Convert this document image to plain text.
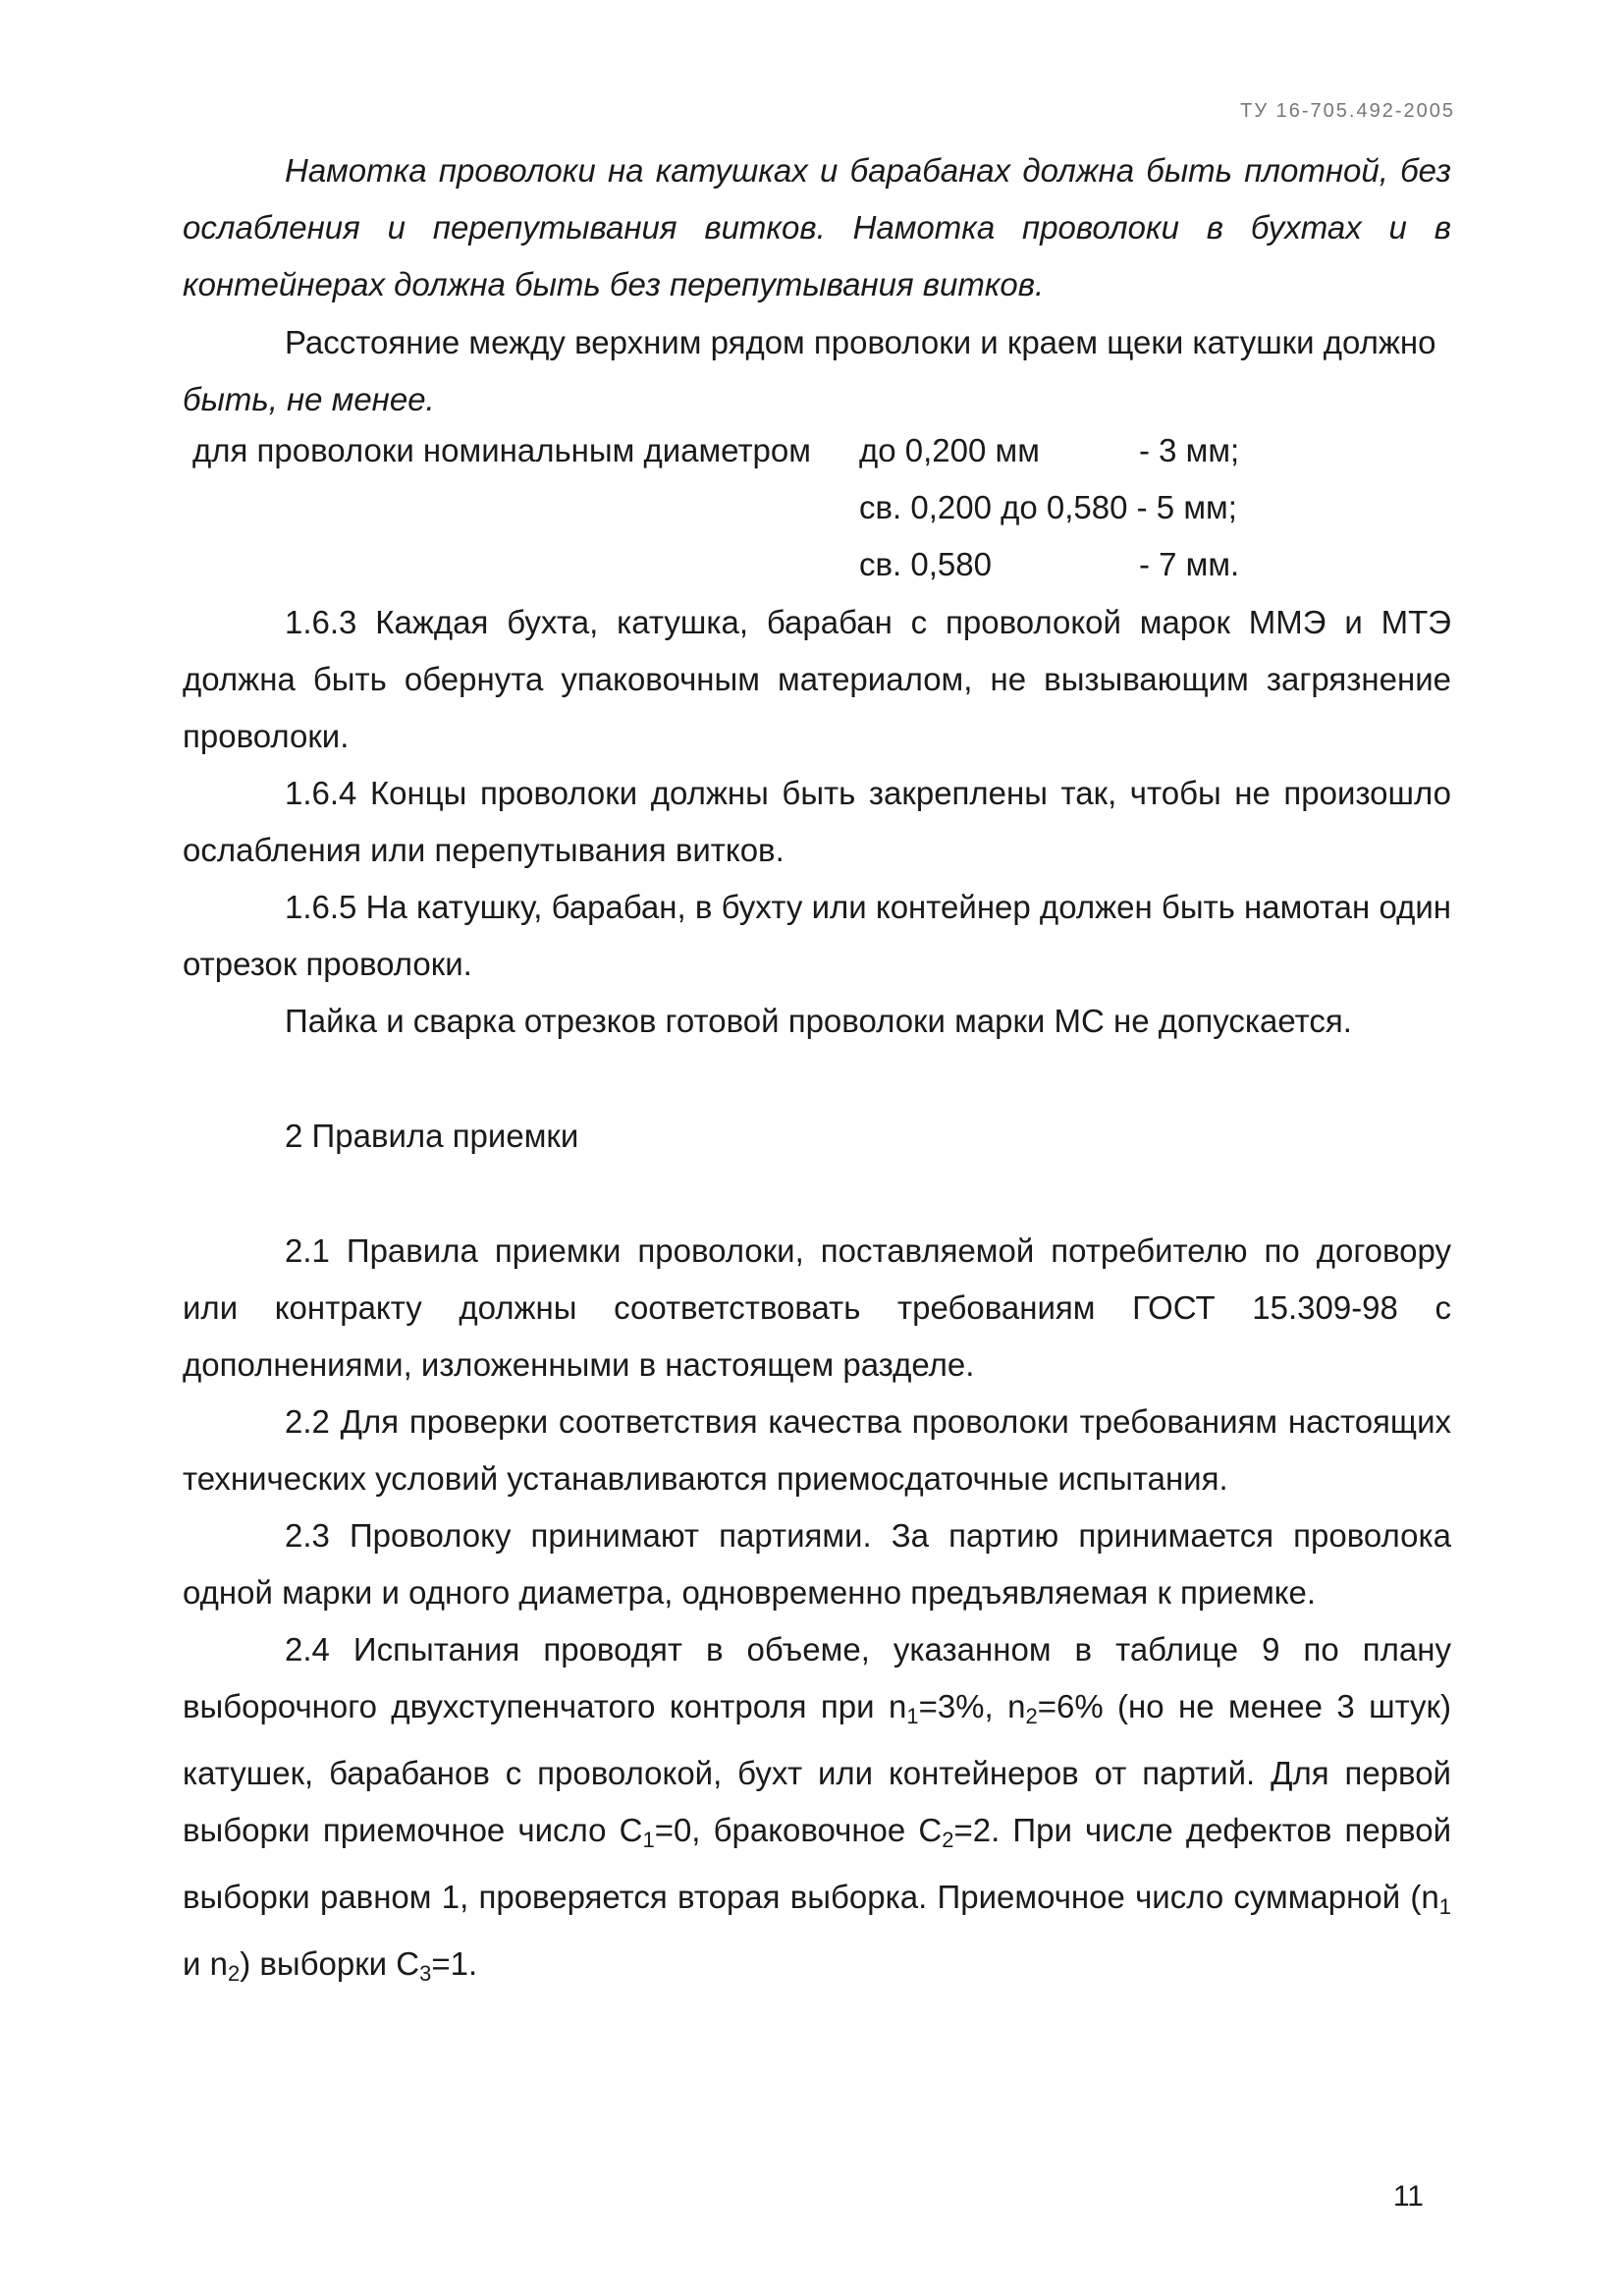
ТУ 16-705.492-2005

Намотка проволоки на катушках и барабанах должна быть плотной, без ослабления и перепутывания витков. Намотка проволоки в бухтах и в контейнерах должна быть без перепутывания витков.

Расстояние между верхним рядом проволоки и краем щеки катушки должно

быть, не менее.

для проволоки номинальным диаметром до 0,200 мм	- 3 мм;
св. 0,200 до 0,580 - 5 мм;
св. 0,580	- 7 мм.

1.6.3 Каждая бухта, катушка, барабан с проволокой марок ММЭ и МТЭ должна быть обернута упаковочным материалом, не вызывающим загрязнение проволоки.

1.6.4 Концы проволоки должны быть закреплены так, чтобы не произошло ослабления или перепутывания витков.

1.6.5 На катушку, барабан, в бухту или контейнер должен быть намотан один отрезок проволоки.

Пайка и сварка отрезков готовой проволоки марки МС не допускается.

2 Правила приемки

2.1 Правила приемки проволоки, поставляемой потребителю по договору или контракту должны соответствовать требованиям ГОСТ 15.309-98 с дополнениями, изложенными в настоящем разделе.

2.2 Для проверки соответствия качества проволоки требованиям настоящих технических условий устанавливаются приемосдаточные испытания.

2.3 Проволоку принимают партиями. За партию принимается проволока одной марки и одного диаметра, одновременно предъявляемая к приемке.

2.4 Испытания проводят в объеме, указанном в таблице 9 по плану выборочного двухступенчатого контроля при $n_1=3\%$, $n_2=6\%$ (но не менее 3 штук) катушек, барабанов с проволокой, бухт или контейнеров от партий. Для первой выборки приемочное число $С_1=0$, браковочное $С_2=2$. При числе дефектов первой выборки равном 1, проверяется вторая выборка. Приемочное число суммарной ($n_1$ и $n_2$) выборки $С_3=1$.

11
